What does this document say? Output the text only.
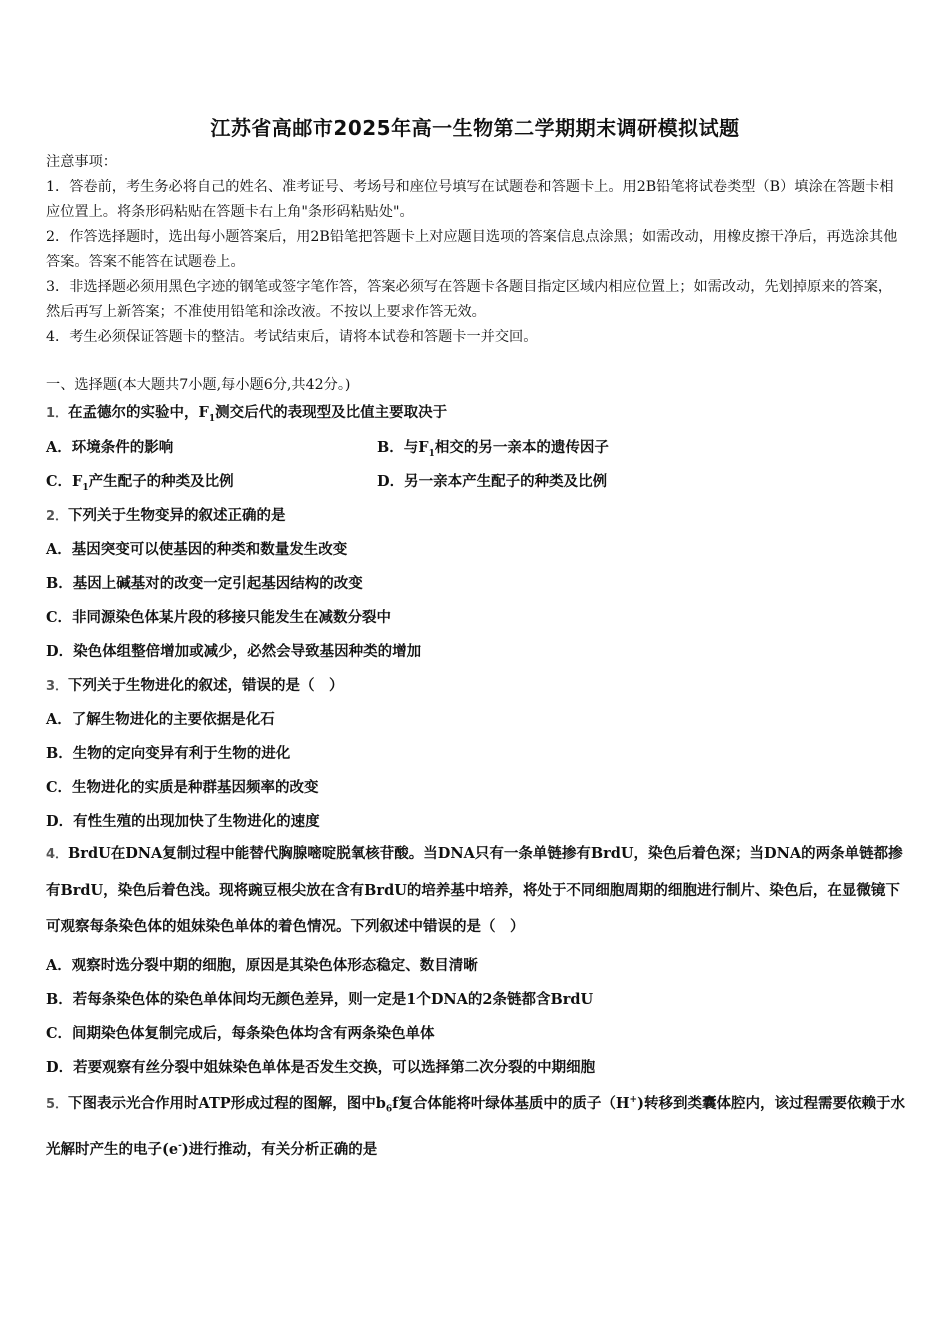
江苏省高邮市2025年高一生物第二学期期末调研模拟试题

注意事项：

1．答卷前，考生务必将自己的姓名、准考证号、考场号和座位号填写在试题卷和答题卡上。用2B铅笔将试卷类型（B）填涂在答题卡相应位置上。将条形码粘贴在答题卡右上角"条形码粘贴处"。

2．作答选择题时，选出每小题答案后，用2B铅笔把答题卡上对应题目选项的答案信息点涂黑；如需改动，用橡皮擦干净后，再选涂其他答案。答案不能答在试题卷上。

3．非选择题必须用黑色字迹的钢笔或签字笔作答，答案必须写在答题卡各题目指定区域内相应位置上；如需改动，先划掉原来的答案，然后再写上新答案；不准使用铅笔和涂改液。不按以上要求作答无效。

4．考生必须保证答题卡的整洁。考试结束后，请将本试卷和答题卡一并交回。

一、选择题(本大题共7小题,每小题6分,共42分。)
1．在孟德尔的实验中，$F_1$测交后代的表现型及比值主要取决于
A．环境条件的影响	B．与$F_1$相交的另一亲本的遗传因子
C．$F_1$产生配子的种类及比例	D．另一亲本产生配子的种类及比例
2．下列关于生物变异的叙述正确的是
A．基因突变可以使基因的种类和数量发生改变
B．基因上碱基对的改变一定引起基因结构的改变
C．非同源染色体某片段的移接只能发生在减数分裂中
D．染色体组整倍增加或减少，必然会导致基因种类的增加
3．下列关于生物进化的叙述，错误的是（　）
A．了解生物进化的主要依据是化石
B．生物的定向变异有利于生物的进化
C．生物进化的实质是种群基因频率的改变
D．有性生殖的出现加快了生物进化的速度
4．BrdU在DNA复制过程中能替代胸腺嘧啶脱氧核苷酸。当DNA只有一条单链掺有BrdU，染色后着色深；当DNA的两条单链都掺有BrdU，染色后着色浅。现将豌豆根尖放在含有BrdU的培养基中培养，将处于不同细胞周期的细胞进行制片、染色后，在显微镜下可观察每条染色体的姐妹染色单体的着色情况。下列叙述中错误的是（　）
A．观察时选分裂中期的细胞，原因是其染色体形态稳定、数目清晰
B．若每条染色体的染色单体间均无颜色差异，则一定是1个DNA的2条链都含BrdU
C．间期染色体复制完成后，每条染色体均含有两条染色单体
D．若要观察有丝分裂中姐妹染色单体是否发生交换，可以选择第二次分裂的中期细胞
5．下图表示光合作用时ATP形成过程的图解，图中$b_6f$复合体能将叶绿体基质中的质子（H+)转移到类囊体腔内，该过程需要依赖于水光解时产生的电子(e-)进行推动，有关分析正确的是
